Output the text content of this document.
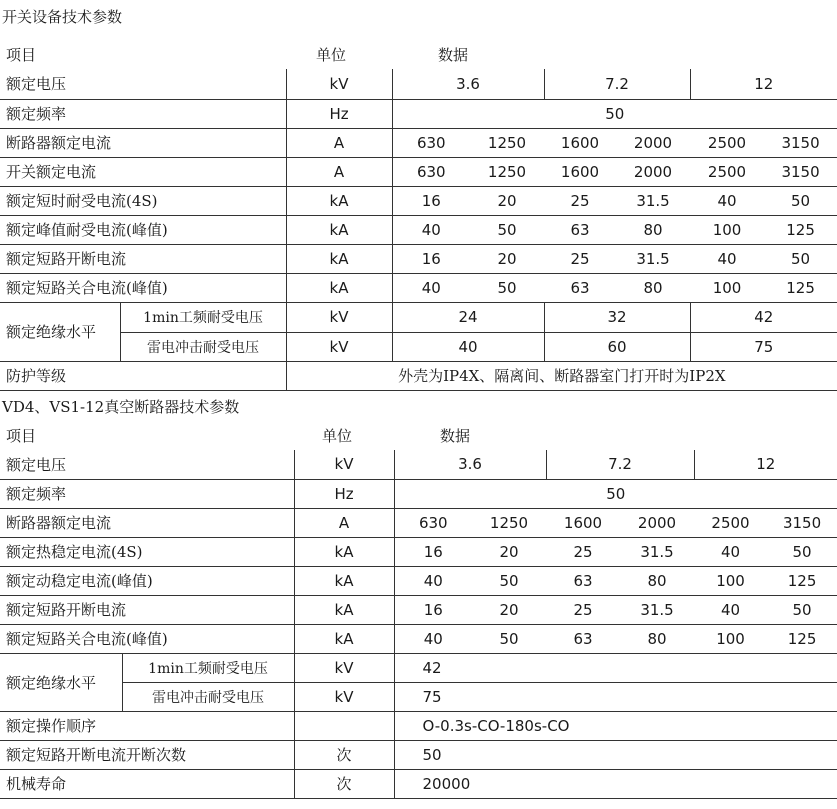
开关设备技术参数
项目		单位	数据					
额定电压		kV	3.6		7.2		12	
额定频率		Hz	50					
断路器额定电流		A	630	1250	1600	2000	2500	3150
开关额定电流		A	630	1250	1600	2000	2500	3150
额定短时耐受电流(4S)		kA	16	20	25	31.5	40	50
额定峰值耐受电流(峰值)		kA	40	50	63	80	100	125
额定短路开断电流		kA	16	20	25	31.5	40	50
额定短路关合电流(峰值)		kA	40	50	63	80	100	125
额定绝缘水平	1min工频耐受电压	kV	24		32		42	
	雷电冲击耐受电压	kV	40		60		75	
防护等级		外壳为IP4X、隔离间、断路器室门打开时为IP2X						
VD4、VS1-12真空断路器技术参数
项目		单位	数据					
额定电压		kV	3.6		7.2		12	
额定频率		Hz	50					
断路器额定电流		A	630	1250	1600	2000	2500	3150
额定热稳定电流(4S)		kA	16	20	25	31.5	40	50
额定动稳定电流(峰值)		kA	40	50	63	80	100	125
额定短路开断电流		kA	16	20	25	31.5	40	50
额定短路关合电流(峰值)		kA	40	50	63	80	100	125
额定绝缘水平	1min工频耐受电压	kV	42					
	雷电冲击耐受电压	kV	75					
额定操作顺序			O-0.3s-CO-180s-CO					
额定短路开断电流开断次数		次	50					
机械寿命		次	20000					
